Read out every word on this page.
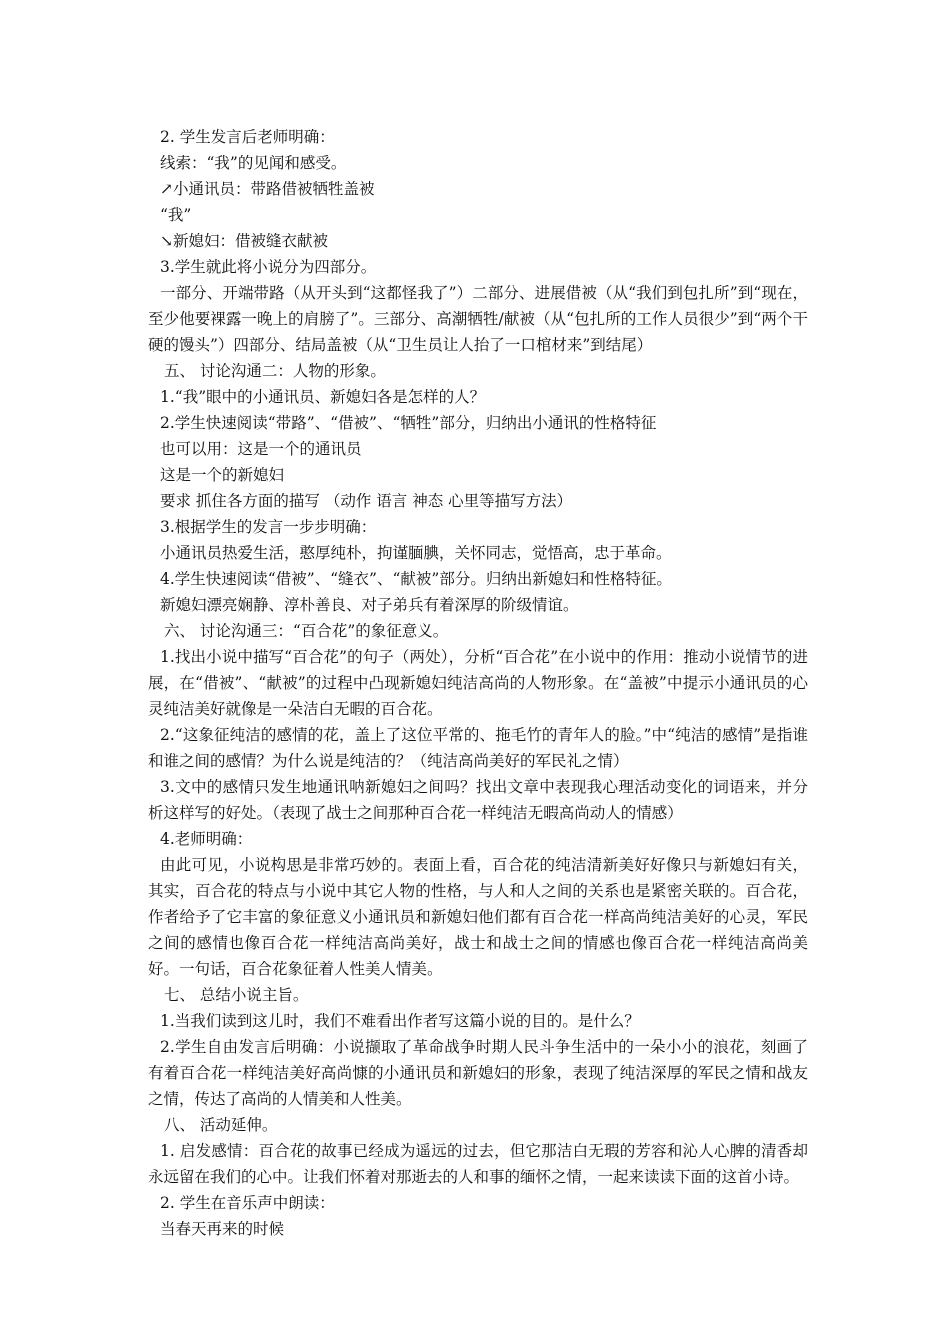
2. 学生发言后老师明确：
线索：“我”的见闻和感受。
↗小通讯员：带路借被牺牲盖被
“我”
↘新媳妇：借被缝衣献被
3.学生就此将小说分为四部分。
一部分、开端带路（从开头到“这都怪我了”）二部分、进展借被（从“我们到包扎所”到“现在，至少他要裸露一晚上的肩膀了”。三部分、高潮牺牲/献被（从“包扎所的工作人员很少”到“两个干硬的馒头”）四部分、结局盖被（从“卫生员让人抬了一口棺材来”到结尾）
五、 讨论沟通二：人物的形象。
1.“我”眼中的小通讯员、新媳妇各是怎样的人？
2.学生快速阅读“带路”、“借被”、“牺牲”部分，归纳出小通讯的性格特征
也可以用：这是一个的通讯员
这是一个的新媳妇
要求 抓住各方面的描写 （动作 语言 神态 心里等描写方法）
3.根据学生的发言一步步明确：
小通讯员热爱生活，憨厚纯朴，拘谨腼腆，关怀同志，觉悟高，忠于革命。
4.学生快速阅读“借被”、“缝衣”、“献被”部分。归纳出新媳妇和性格特征。
新媳妇漂亮娴静、淳朴善良、对子弟兵有着深厚的阶级情谊。
六、 讨论沟通三：“百合花”的象征意义。
1.找出小说中描写“百合花”的句子（两处），分析“百合花”在小说中的作用：推动小说情节的进展，在“借被”、“献被”的过程中凸现新媳妇纯洁高尚的人物形象。在“盖被”中提示小通讯员的心灵纯洁美好就像是一朵洁白无暇的百合花。
2.“这象征纯洁的感情的花，盖上了这位平常的、拖毛竹的青年人的脸。”中“纯洁的感情”是指谁和谁之间的感情？为什么说是纯洁的？（纯洁高尚美好的军民礼之情）
3.文中的感情只发生地通讯呐新媳妇之间吗？找出文章中表现我心理活动变化的词语来，并分析这样写的好处。（表现了战士之间那种百合花一样纯洁无暇高尚动人的情感）
4.老师明确：
由此可见，小说构思是非常巧妙的。表面上看，百合花的纯洁清新美好好像只与新媳妇有关，其实，百合花的特点与小说中其它人物的性格，与人和人之间的关系也是紧密关联的。百合花，作者给予了它丰富的象征意义小通讯员和新媳妇他们都有百合花一样高尚纯洁美好的心灵，军民之间的感情也像百合花一样纯洁高尚美好，战士和战士之间的情感也像百合花一样纯洁高尚美好。一句话，百合花象征着人性美人情美。
七、 总结小说主旨。
1.当我们读到这儿时，我们不难看出作者写这篇小说的目的。是什么？
2.学生自由发言后明确：小说撷取了革命战争时期人民斗争生活中的一朵小小的浪花，刻画了有着百合花一样纯洁美好高尚慷的小通讯员和新媳妇的形象，表现了纯洁深厚的军民之情和战友之情，传达了高尚的人情美和人性美。
八、 活动延伸。
1. 启发感情：百合花的故事已经成为遥远的过去，但它那洁白无瑕的芳容和沁人心脾的清香却永远留在我们的心中。让我们怀着对那逝去的人和事的缅怀之情，一起来读读下面的这首小诗。
2. 学生在音乐声中朗读：
当春天再来的时候
